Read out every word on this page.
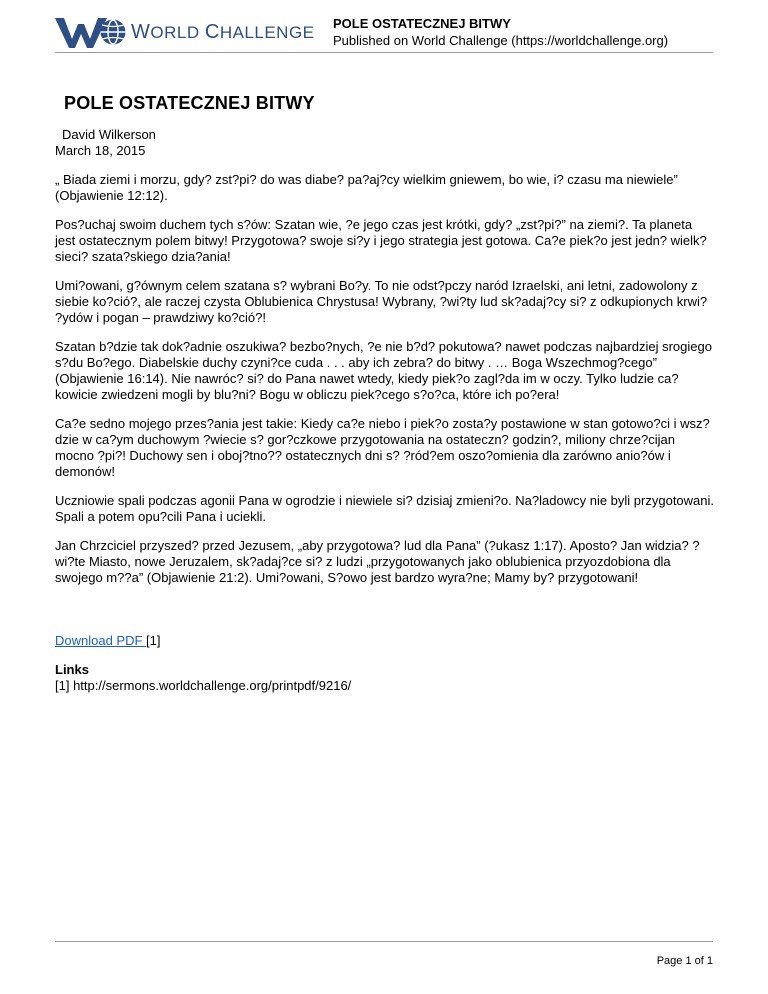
WORLD CHALLENGE POLE OSTATECZNEJ BITWY
Published on World Challenge (https://worldchallenge.org)
POLE OSTATECZNEJ BITWY
David Wilkerson
March 18, 2015

„ Biada ziemi i morzu, gdy? zst?pi? do was diabe? pa?aj?cy wielkim gniewem, bo wie, i? czasu ma niewiele” (Objawienie 12:12).

Pos?uchaj swoim duchem tych s?ów: Szatan wie, ?e jego czas jest krótki, gdy? „zst?pi?” na ziemi?. Ta planeta jest ostatecznym polem bitwy! Przygotowa? swoje si?y i jego strategia jest gotowa. Ca?e piek?o jest jedn? wielk? sieci? szata?skiego dzia?ania!

Umi?owani, g?ównym celem szatana s? wybrani Bo?y. To nie odst?pczy naród Izraelski, ani letni, zadowolony z siebie ko?ció?, ale raczej czysta Oblubienica Chrystusa! Wybrany, ?wi?ty lud sk?adaj?cy si? z odkupionych krwi? ?ydów i pogan – prawdziwy ko?ció?!

Szatan b?dzie tak dok?adnie oszukiwa? bezbo?nych, ?e nie b?d? pokutowa? nawet podczas najbardziej srogiego s?du Bo?ego. Diabelskie duchy czyni?ce cuda . . . aby ich zebra? do bitwy . … Boga Wszechmog?cego” (Objawienie 16:14). Nie nawróc? si? do Pana nawet wtedy, kiedy piek?o zagl?da im w oczy. Tylko ludzie ca?kowicie zwiedzeni mogli by blu?ni? Bogu w obliczu piek?cego s?o?ca, które ich po?era!

Ca?e sedno mojego przes?ania jest takie: Kiedy ca?e niebo i piek?o zosta?y postawione w stan gotowo?ci i wsz?dzie w ca?ym duchowym ?wiecie s? gor?czkowe przygotowania na ostateczn? godzin?, miliony chrze?cijan mocno ?pi?! Duchowy sen i oboj?tno?? ostatecznych dni s? ?ród?em oszo?omienia dla zarówno anio?ów i demonów!

Uczniowie spali podczas agonii Pana w ogrodzie i niewiele si? dzisiaj zmieni?o. Na?ladowcy nie byli przygotowani. Spali a potem opu?cili Pana i uciekli.

Jan Chrzciciel przyszed? przed Jezusem, „aby przygotowa? lud dla Pana” (?ukasz 1:17). Aposto? Jan widzia? ?wi?te Miasto, nowe Jeruzalem, sk?adaj?ce si? z ludzi „przygotowanych jako oblubienica przyozdobiona dla swojego m??a” (Objawienie 21:2). Umi?owani, S?owo jest bardzo wyra?ne; Mamy by? przygotowani!

Download PDF [1]
Links
[1] http://sermons.worldchallenge.org/printpdf/9216/
Page 1 of 1
